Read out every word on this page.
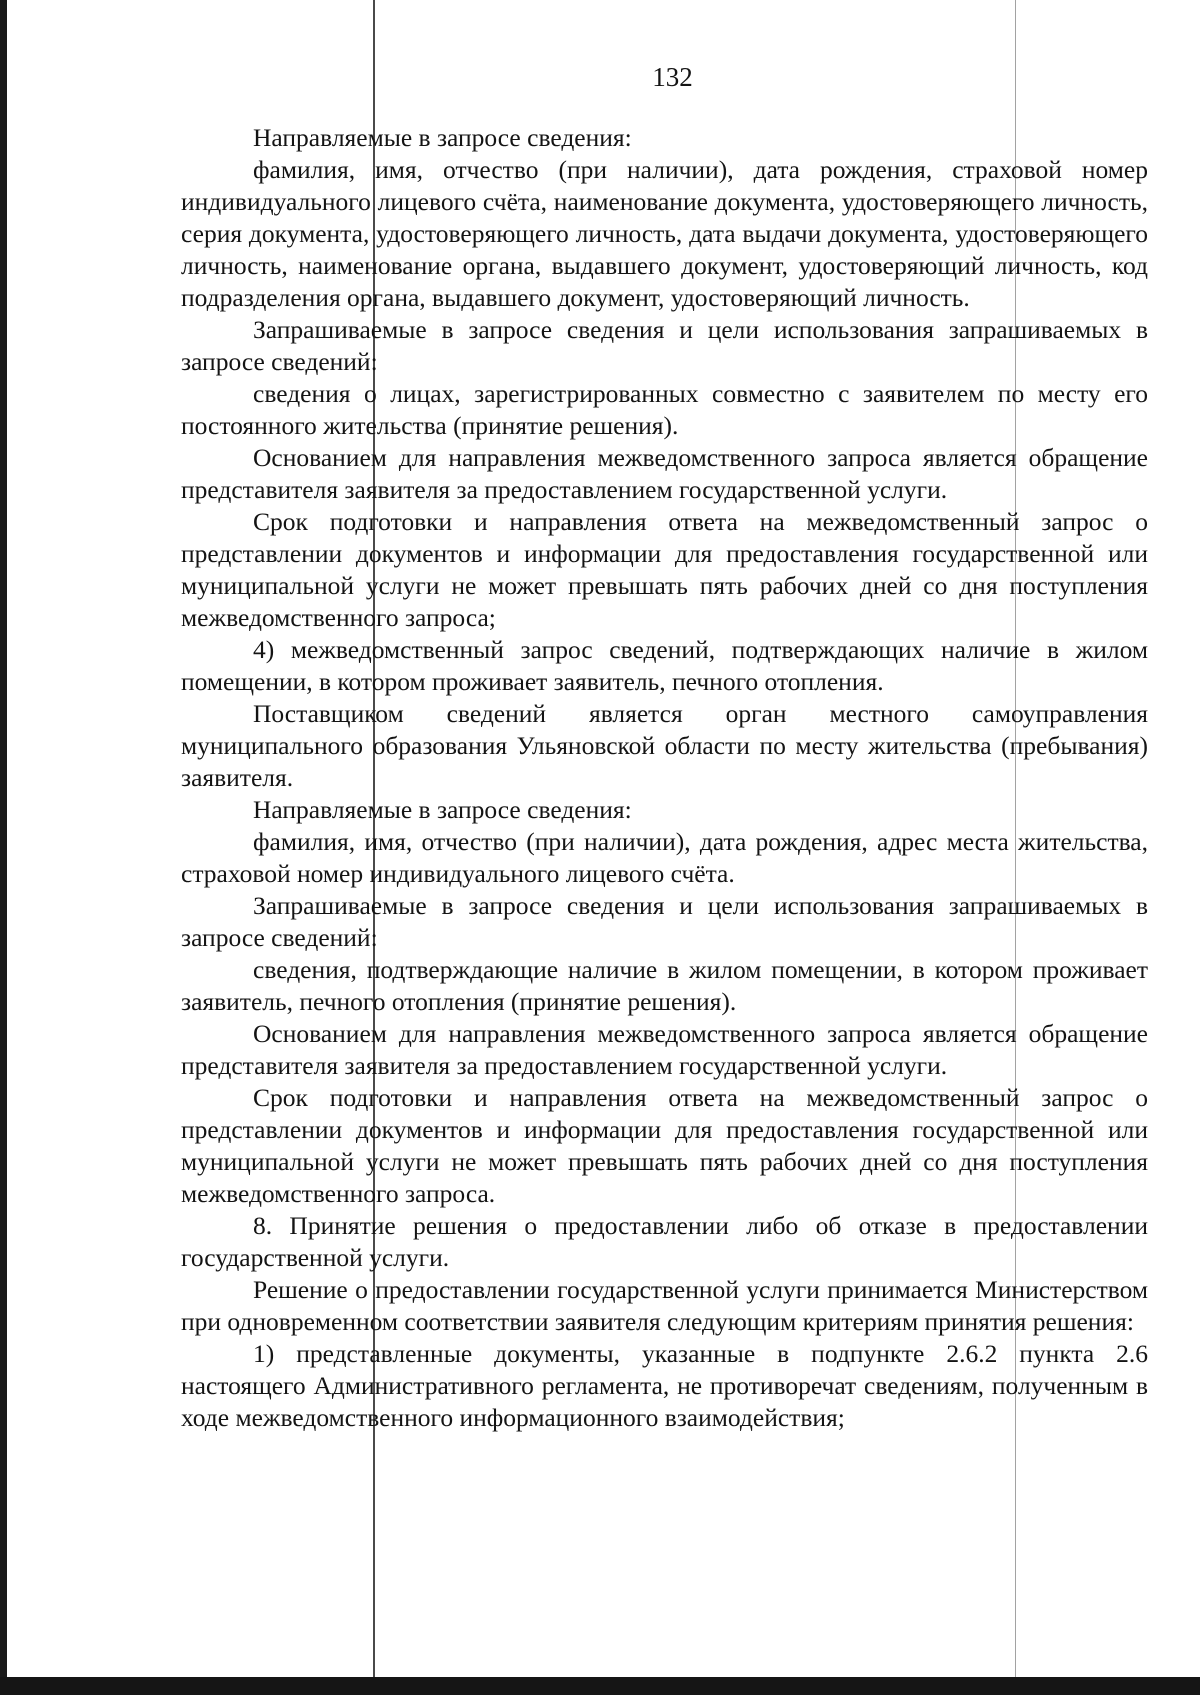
132

Направляемые в запросе сведения:

фамилия, имя, отчество (при наличии), дата рождения, страховой номер индивидуального лицевого счёта, наименование документа, удостоверяющего личность, серия документа, удостоверяющего личность, дата выдачи документа, удостоверяющего личность, наименование органа, выдавшего документ, удостоверяющий личность, код подразделения органа, выдавшего документ, удостоверяющий личность.

Запрашиваемые в запросе сведения и цели использования запрашиваемых в запросе сведений:

сведения о лицах, зарегистрированных совместно с заявителем по месту его постоянного жительства (принятие решения).

Основанием для направления межведомственного запроса является обращение представителя заявителя за предоставлением государственной услуги.

Срок подготовки и направления ответа на межведомственный запрос о представлении документов и информации для предоставления государственной или муниципальной услуги не может превышать пять рабочих дней со дня поступления межведомственного запроса;

4) межведомственный запрос сведений, подтверждающих наличие в жилом помещении, в котором проживает заявитель, печного отопления.

Поставщиком сведений является орган местного самоуправления муниципального образования Ульяновской области по месту жительства (пребывания) заявителя.

Направляемые в запросе сведения:

фамилия, имя, отчество (при наличии), дата рождения, адрес места жительства, страховой номер индивидуального лицевого счёта.

Запрашиваемые в запросе сведения и цели использования запрашиваемых в запросе сведений:

сведения, подтверждающие наличие в жилом помещении, в котором проживает заявитель, печного отопления (принятие решения).

Основанием для направления межведомственного запроса является обращение представителя заявителя за предоставлением государственной услуги.

Срок подготовки и направления ответа на межведомственный запрос о представлении документов и информации для предоставления государственной или муниципальной услуги не может превышать пять рабочих дней со дня поступления межведомственного запроса.

8. Принятие решения о предоставлении либо об отказе в предоставлении государственной услуги.

Решение о предоставлении государственной услуги принимается Министерством при одновременном соответствии заявителя следующим критериям принятия решения:

1) представленные документы, указанные в подпункте 2.6.2 пункта 2.6 настоящего Административного регламента, не противоречат сведениям, полученным в ходе межведомственного информационного взаимодействия;
